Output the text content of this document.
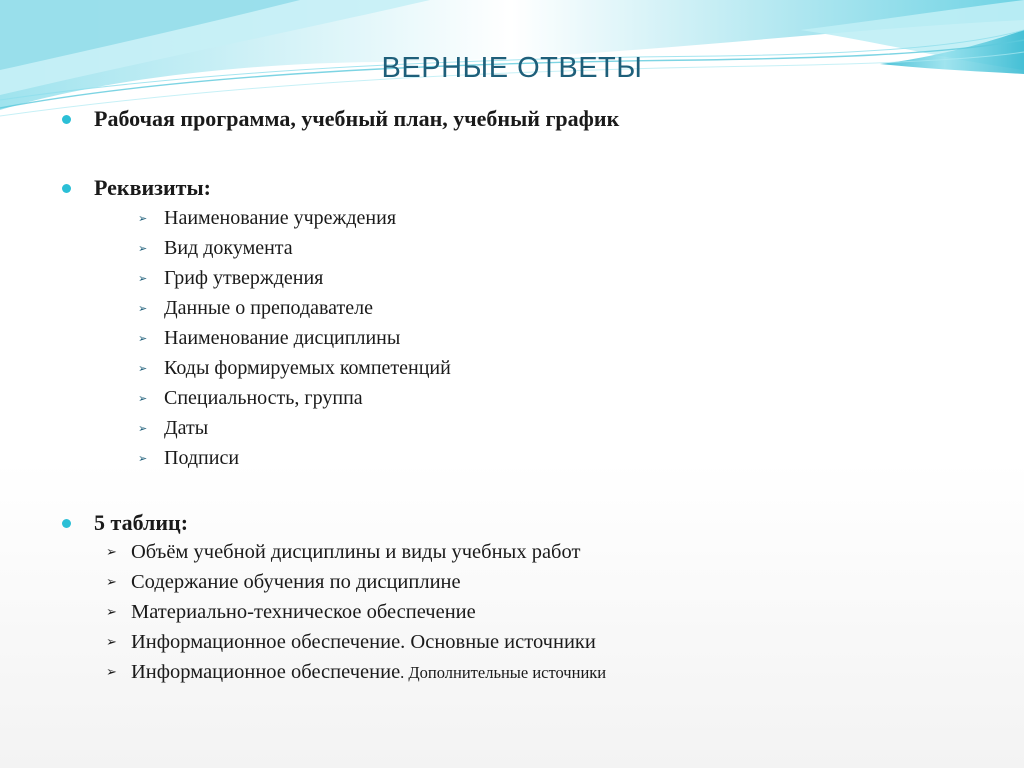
ВЕРНЫЕ ОТВЕТЫ
Рабочая программа, учебный план, учебный график
Реквизиты:
➢ Наименование учреждения
➢ Вид документа
➢ Гриф утверждения
➢ Данные о преподавателе
➢ Наименование дисциплины
➢ Коды формируемых компетенций
➢ Специальность, группа
➢ Даты
➢ Подписи
5 таблиц:
➢ Объём учебной дисциплины и виды учебных работ
➢ Содержание обучения по дисциплине
➢ Материально-техническое обеспечение
➢ Информационное обеспечение. Основные источники
➢ Информационное обеспечение. Дополнительные источники
